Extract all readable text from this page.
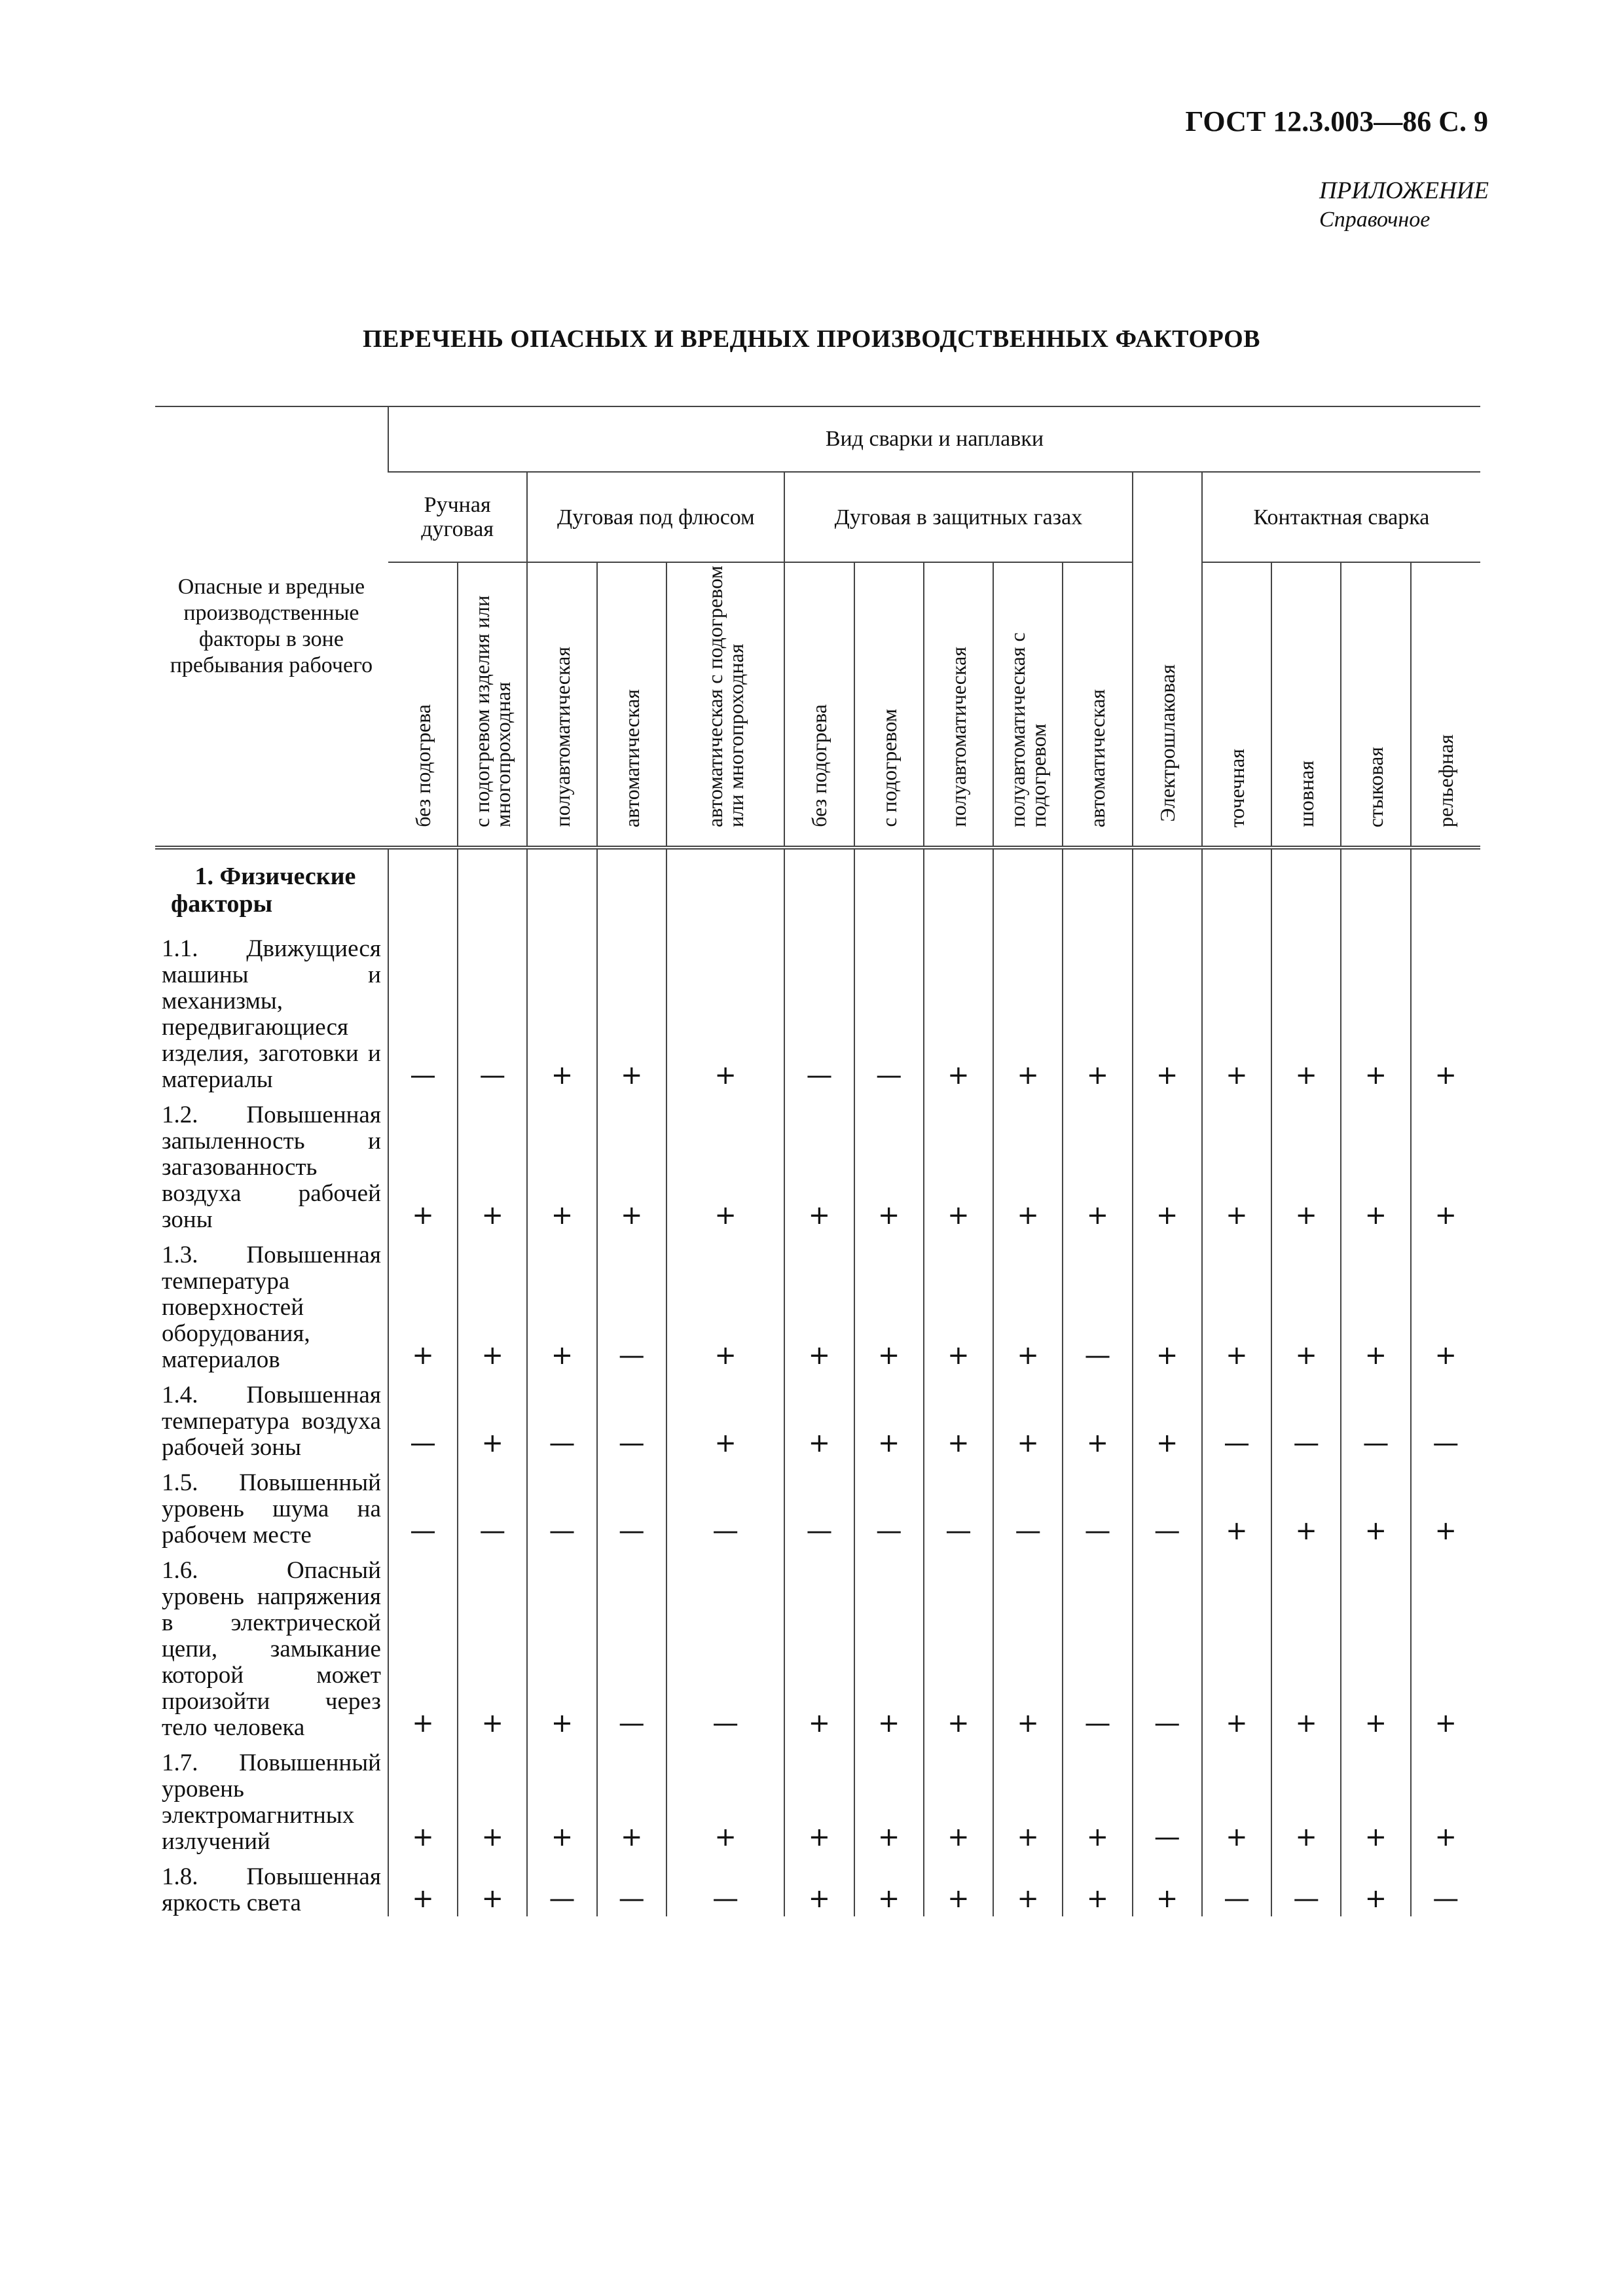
ГОСТ 12.3.003—86 С. 9
ПРИЛОЖЕНИЕ
Справочное
ПЕРЕЧЕНЬ ОПАСНЫХ И ВРЕДНЫХ ПРОИЗВОДСТВЕННЫХ ФАКТОРОВ
Опасные и вредные производственные факторы в зоне пребывания рабочего	Вид сварки и наплавки														
	Ручная дуговая		Дуговая под флюсом			Дуговая в защитных газах					Электрошлаковая	Контактная сварка			

	без подогрева	с подогревом изделия или многопроходная	полуавтоматическая	автоматическая	автоматическая с подогревом или многопроходная	без подогрева	с подогревом	полуавтоматическая	полуавтоматическая с подогревом	автоматическая		точечная	шовная	стыковая	рельефная

1. Физические факторы															
1.1. Движущиеся машины и механизмы, передвигающиеся изделия, заготовки и материалы	—	—	+	+	+	—	—	+	+	+	+	+	+	+	+
1.2. Повышенная запыленность и загазованность воздуха рабочей зоны	+	+	+	+	+	+	+	+	+	+	+	+	+	+	+
1.3. Повышенная температура поверхностей оборудования, материалов	+	+	+	—	+	+	+	+	+	—	+	+	+	+	+
1.4. Повышенная температура воздуха рабочей зоны	—	+	—	—	+	+	+	+	+	+	+	—	—	—	—
1.5. Повышенный уровень шума на рабочем месте	—	—	—	—	—	—	—	—	—	—	—	+	+	+	+
1.6. Опасный уровень напряжения в электрической цепи, замыкание которой может произойти через тело человека	+	+	+	—	—	+	+	+	+	—	—	+	+	+	+
1.7. Повышенный уровень электромагнитных излучений	+	+	+	+	+	+	+	+	+	+	—	+	+	+	+
1.8. Повышенная яркость света	+	+	—	—	—	+	+	+	+	+	+	—	—	+	—
